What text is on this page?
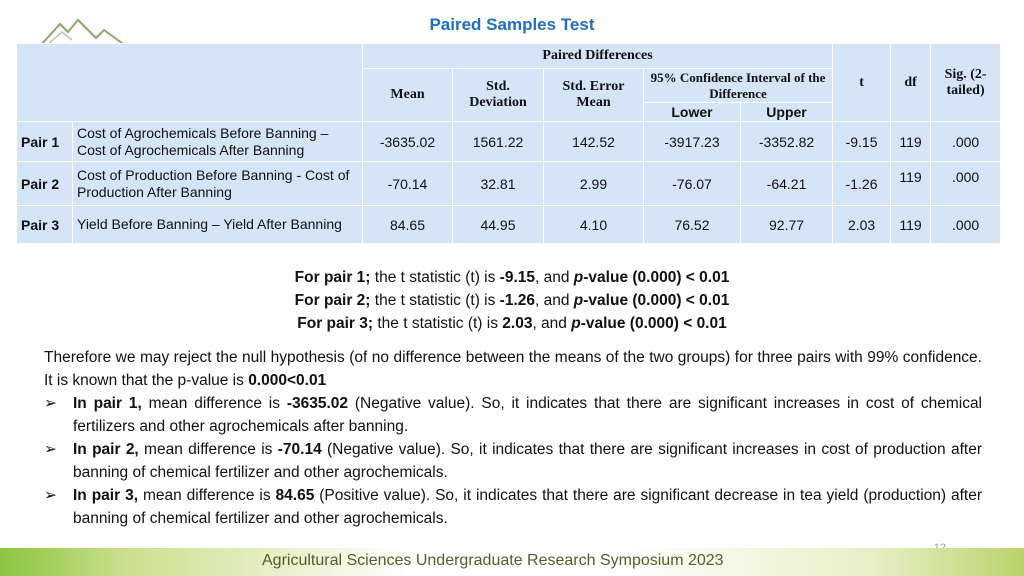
Paired Samples Test
		Paired Differences					t	df	Sig. (2-tailed)
		Mean	Std. Deviation	Std. Error Mean	95% Confidence Interval of the Difference				
					Lower	Upper			
Pair 1	Cost of Agrochemicals Before Banning – Cost of Agrochemicals After Banning	-3635.02	1561.22	142.52	-3917.23	-3352.82	-9.15	119	.000
Pair 2	Cost of Production Before Banning - Cost of Production After Banning	-70.14	32.81	2.99	-76.07	-64.21	-1.26	119	.000
Pair 3	Yield Before Banning – Yield After Banning	84.65	44.95	4.10	76.52	92.77	2.03	119	.000
For pair 1; the t statistic (t) is -9.15, and p-value (0.000) < 0.01
For pair 2; the t statistic (t) is -1.26, and p-value (0.000) < 0.01
For pair 3; the t statistic (t) is 2.03, and p-value (0.000) < 0.01

Therefore we may reject the null hypothesis (of no difference between the means of the two groups) for three pairs with 99% confidence. It is known that the p-value is 0.000<0.01

➢ In pair 1, mean difference is -3635.02 (Negative value). So, it indicates that there are significant increases in cost of chemical fertilizers and other agrochemicals after banning.

➢ In pair 2, mean difference is -70.14 (Negative value). So, it indicates that there are significant increases in cost of production after banning of chemical fertilizer and other agrochemicals.

➢ In pair 3, mean difference is 84.65 (Positive value). So, it indicates that there are significant decrease in tea yield (production) after banning of chemical fertilizer and other agrochemicals.

Agricultural Sciences Undergraduate Research Symposium 2023
